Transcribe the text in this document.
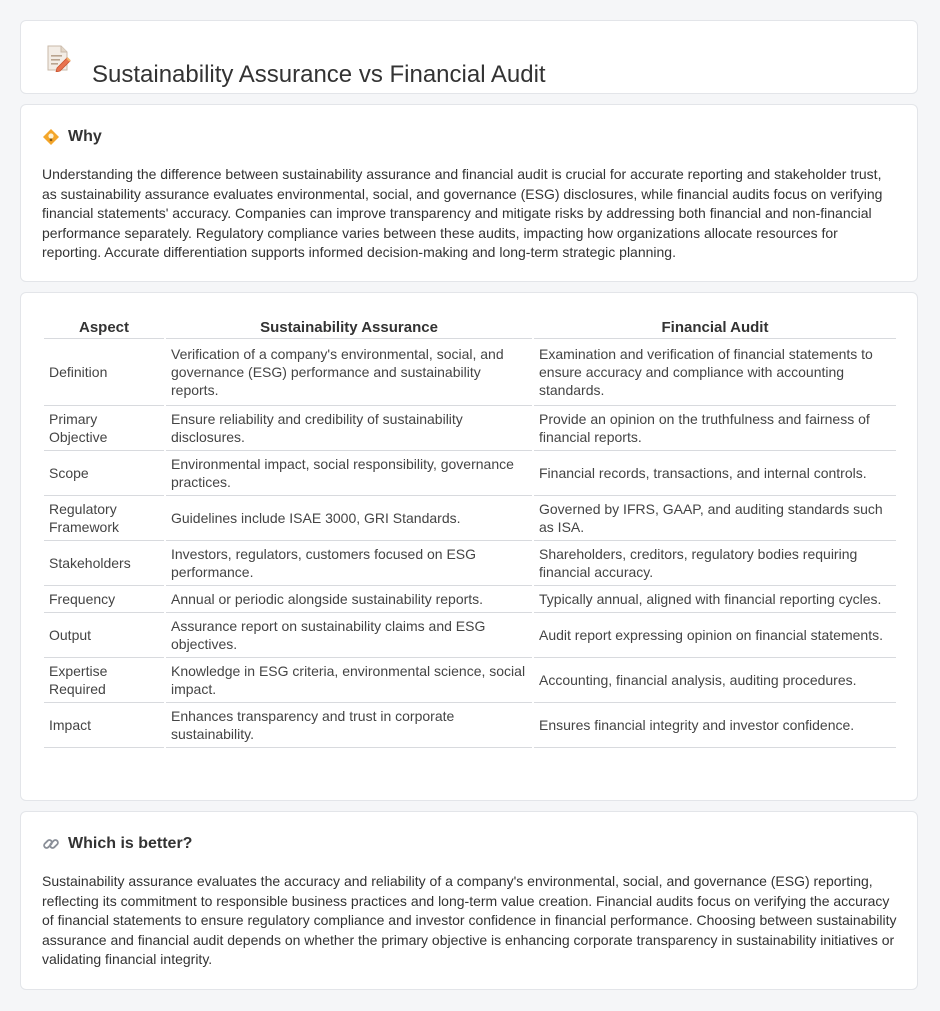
Sustainability Assurance vs Financial Audit
Why

Understanding the difference between sustainability assurance and financial audit is crucial for accurate reporting and stakeholder trust, as sustainability assurance evaluates environmental, social, and governance (ESG) disclosures, while financial audits focus on verifying financial statements' accuracy. Companies can improve transparency and mitigate risks by addressing both financial and non-financial performance separately. Regulatory compliance varies between these audits, impacting how organizations allocate resources for reporting. Accurate differentiation supports informed decision-making and long-term strategic planning.

Aspect	Sustainability Assurance	Financial Audit
Definition	Verification of a company's environmental, social, and governance (ESG) performance and sustainability reports.	Examination and verification of financial statements to ensure accuracy and compliance with accounting standards.
Primary Objective	Ensure reliability and credibility of sustainability disclosures.	Provide an opinion on the truthfulness and fairness of financial reports.
Scope	Environmental impact, social responsibility, governance practices.	Financial records, transactions, and internal controls.
Regulatory Framework	Guidelines include ISAE 3000, GRI Standards.	Governed by IFRS, GAAP, and auditing standards such as ISA.
Stakeholders	Investors, regulators, customers focused on ESG performance.	Shareholders, creditors, regulatory bodies requiring financial accuracy.
Frequency	Annual or periodic alongside sustainability reports.	Typically annual, aligned with financial reporting cycles.
Output	Assurance report on sustainability claims and ESG objectives.	Audit report expressing opinion on financial statements.
Expertise Required	Knowledge in ESG criteria, environmental science, social impact.	Accounting, financial analysis, auditing procedures.
Impact	Enhances transparency and trust in corporate sustainability.	Ensures financial integrity and investor confidence.
Which is better?

Sustainability assurance evaluates the accuracy and reliability of a company's environmental, social, and governance (ESG) reporting, reflecting its commitment to responsible business practices and long-term value creation. Financial audits focus on verifying the accuracy of financial statements to ensure regulatory compliance and investor confidence in financial performance. Choosing between sustainability assurance and financial audit depends on whether the primary objective is enhancing corporate transparency in sustainability initiatives or validating financial integrity.
